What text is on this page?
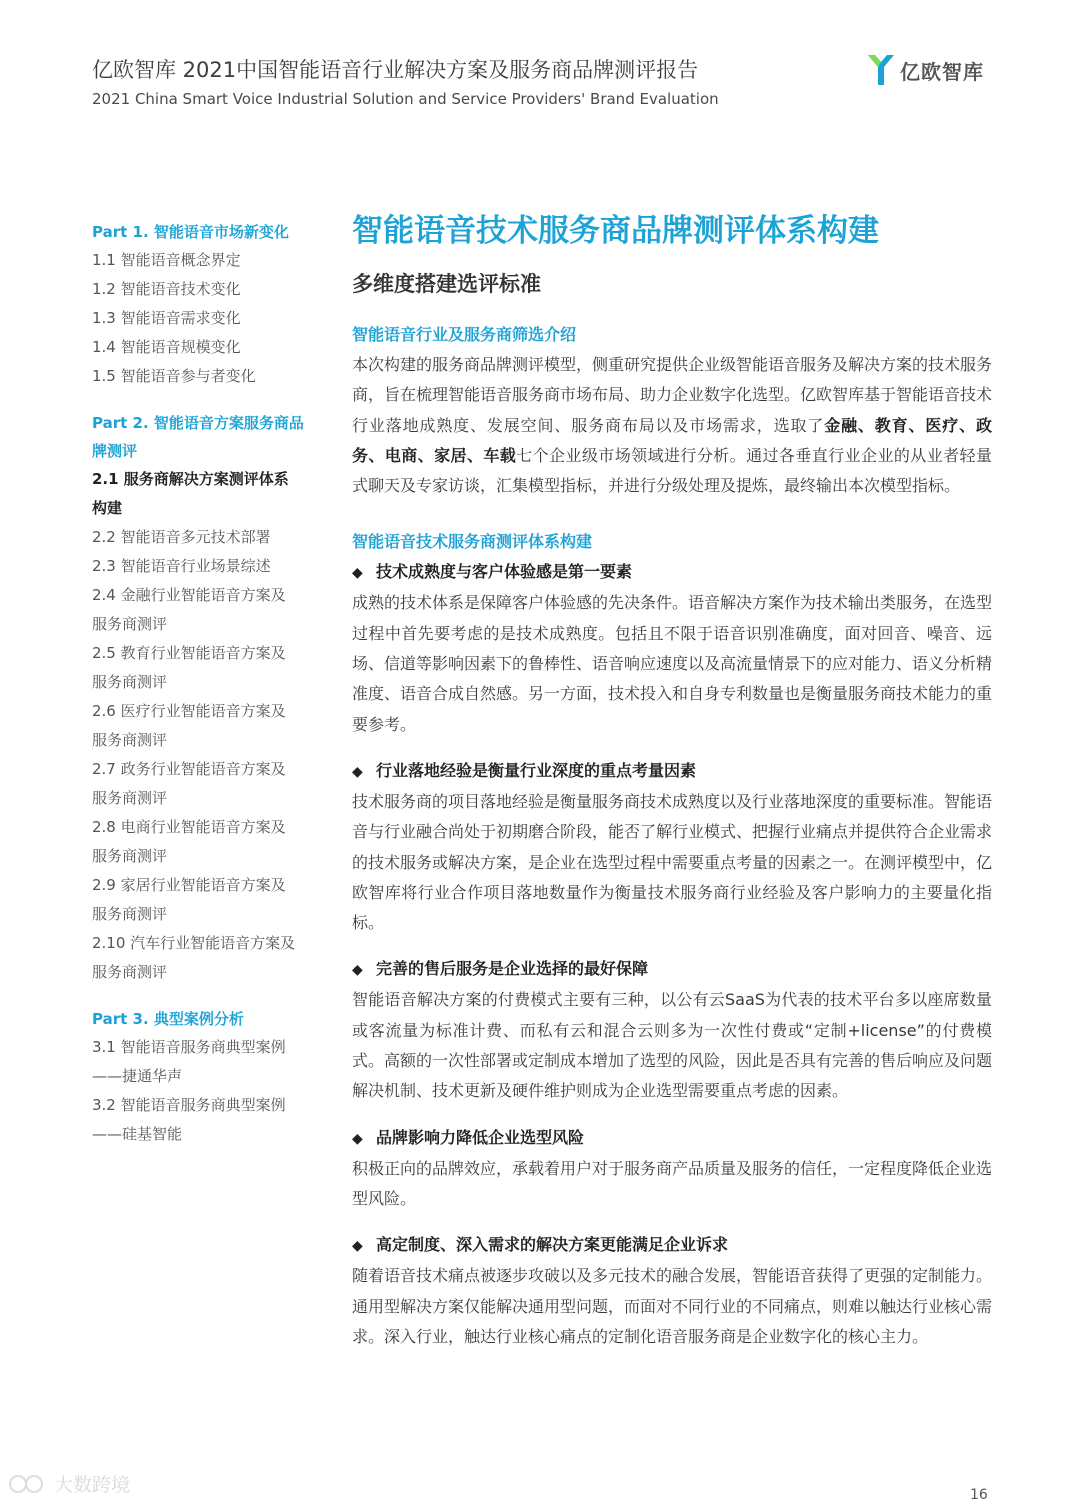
亿欧智库 2021中国智能语音行业解决方案及服务商品牌测评报告
2021 China Smart Voice Industrial Solution and Service Providers' Brand Evaluation
亿欧智库
Part 1. 智能语音市场新变化
1.1 智能语音概念界定
1.2 智能语音技术变化
1.3 智能语音需求变化
1.4 智能语音规模变化
1.5 智能语音参与者变化
Part 2. 智能语音方案服务商品
牌测评
2.1 服务商解决方案测评体系
构建
2.2 智能语音多元技术部署
2.3 智能语音行业场景综述
2.4 金融行业智能语音方案及
服务商测评
2.5 教育行业智能语音方案及
服务商测评
2.6 医疗行业智能语音方案及
服务商测评
2.7 政务行业智能语音方案及
服务商测评
2.8 电商行业智能语音方案及
服务商测评
2.9 家居行业智能语音方案及
服务商测评
2.10 汽车行业智能语音方案及
服务商测评
Part 3. 典型案例分析
3.1 智能语音服务商典型案例
——捷通华声
3.2 智能语音服务商典型案例
——硅基智能
智能语音技术服务商品牌测评体系构建
多维度搭建选评标准
智能语音行业及服务商筛选介绍

本次构建的服务商品牌测评模型，侧重研究提供企业级智能语音服务及解决方案的技术服务商，旨在梳理智能语音服务商市场布局、助力企业数字化选型。亿欧智库基于智能语音技术行业落地成熟度、发展空间、服务商布局以及市场需求，选取了金融、教育、医疗、政务、电商、家居、车载七个企业级市场领域进行分析。通过各垂直行业企业的从业者轻量式聊天及专家访谈，汇集模型指标，并进行分级处理及提炼，最终输出本次模型指标。

智能语音技术服务商测评体系构建
◆ 技术成熟度与客户体验感是第一要素

成熟的技术体系是保障客户体验感的先决条件。语音解决方案作为技术输出类服务，在选型过程中首先要考虑的是技术成熟度。包括且不限于语音识别准确度，面对回音、噪音、远场、信道等影响因素下的鲁棒性、语音响应速度以及高流量情景下的应对能力、语义分析精准度、语音合成自然感。另一方面，技术投入和自身专利数量也是衡量服务商技术能力的重要参考。

◆ 行业落地经验是衡量行业深度的重点考量因素

技术服务商的项目落地经验是衡量服务商技术成熟度以及行业落地深度的重要标准。智能语音与行业融合尚处于初期磨合阶段，能否了解行业模式、把握行业痛点并提供符合企业需求的技术服务或解决方案，是企业在选型过程中需要重点考量的因素之一。在测评模型中，亿欧智库将行业合作项目落地数量作为衡量技术服务商行业经验及客户影响力的主要量化指标。

◆ 完善的售后服务是企业选择的最好保障

智能语音解决方案的付费模式主要有三种，以公有云SaaS为代表的技术平台多以座席数量或客流量为标准计费、而私有云和混合云则多为一次性付费或“定制+license”的付费模式。高额的一次性部署或定制成本增加了选型的风险，因此是否具有完善的售后响应及问题解决机制、技术更新及硬件维护则成为企业选型需要重点考虑的因素。

◆ 品牌影响力降低企业选型风险

积极正向的品牌效应，承载着用户对于服务商产品质量及服务的信任，一定程度降低企业选型风险。

◆ 高定制度、深入需求的解决方案更能满足企业诉求

随着语音技术痛点被逐步攻破以及多元技术的融合发展，智能语音获得了更强的定制能力。通用型解决方案仅能解决通用型问题，而面对不同行业的不同痛点，则难以触达行业核心需求。深入行业，触达行业核心痛点的定制化语音服务商是企业数字化的核心主力。

大数跨境	16
